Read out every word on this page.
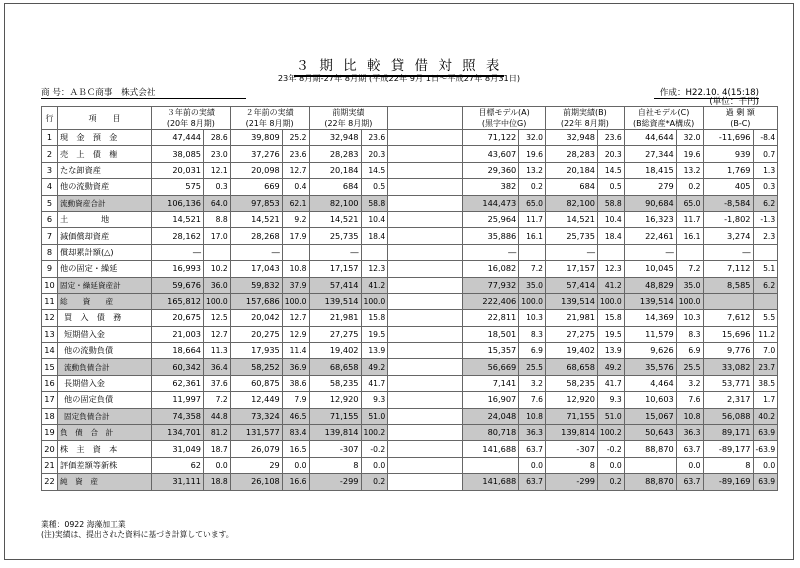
３ 期 比 較 貸 借 対 照 表
23年 8月期-27年 8月期 (平成22年 9月 1日～平成27年 8月31日)
商 号：ＡＢＣ商事　株式会社	作成：H22.10. 4(15:18)
(単位：千円)
行	項　　目	３年前の実績
(20年 8月期)		２年前の実績
(21年 8月期)		前期実績
(22年 8月期)			目標モデル(A)
(黒字中位G)		前期実績(B)
(22年 8月期)		自社モデル(C)
(B総資産*A構成)		過 剰 額
(B-C)	
1	現　金　預　金	47,444	28.6	39,809	25.2	32,948	23.6		71,122	32.0	32,948	23.6	44,644	32.0	-11,696	-8.4
2	売　上　債　権	38,085	23.0	37,276	23.6	28,283	20.3		43,607	19.6	28,283	20.3	27,344	19.6	939	0.7
3	たな卸資産	20,031	12.1	20,098	12.7	20,184	14.5		29,360	13.2	20,184	14.5	18,415	13.2	1,769	1.3
4	他の流動資産	575	0.3	669	0.4	684	0.5		382	0.2	684	0.5	279	0.2	405	0.3
5	流動資産合計	106,136	64.0	97,853	62.1	82,100	58.8		144,473	65.0	82,100	58.8	90,684	65.0	-8,584	6.2
6	土　　　　地	14,521	8.8	14,521	9.2	14,521	10.4		25,964	11.7	14,521	10.4	16,323	11.7	-1,802	-1.3
7	減価償却資産	28,162	17.0	28,268	17.9	25,735	18.4		35,886	16.1	25,735	18.4	22,461	16.1	3,274	2.3
8	償却累計額(△)	―		―		―			―		―		―		―	
9	他の固定・繰延	16,993	10.2	17,043	10.8	17,157	12.3		16,082	7.2	17,157	12.3	10,045	7.2	7,112	5.1
10	固定・繰延資産計	59,676	36.0	59,832	37.9	57,414	41.2		77,932	35.0	57,414	41.2	48,829	35.0	8,585	6.2
11	総　　資　　産	165,812	100.0	157,686	100.0	139,514	100.0		222,406	100.0	139,514	100.0	139,514	100.0		
12	買　入　債　務	20,675	12.5	20,042	12.7	21,981	15.8		22,811	10.3	21,981	15.8	14,369	10.3	7,612	5.5
13	短期借入金	21,003	12.7	20,275	12.9	27,275	19.5		18,501	8.3	27,275	19.5	11,579	8.3	15,696	11.2
14	他の流動負債	18,664	11.3	17,935	11.4	19,402	13.9		15,357	6.9	19,402	13.9	9,626	6.9	9,776	7.0
15	流動負債合計	60,342	36.4	58,252	36.9	68,658	49.2		56,669	25.5	68,658	49.2	35,576	25.5	33,082	23.7
16	長期借入金	62,361	37.6	60,875	38.6	58,235	41.7		7,141	3.2	58,235	41.7	4,464	3.2	53,771	38.5
17	他の固定負債	11,997	7.2	12,449	7.9	12,920	9.3		16,907	7.6	12,920	9.3	10,603	7.6	2,317	1.7
18	固定負債合計	74,358	44.8	73,324	46.5	71,155	51.0		24,048	10.8	71,155	51.0	15,067	10.8	56,088	40.2
19	負　債　合　計	134,701	81.2	131,577	83.4	139,814	100.2		80,718	36.3	139,814	100.2	50,643	36.3	89,171	63.9
20	株　主　資　本	31,049	18.7	26,079	16.5	-307	-0.2		141,688	63.7	-307	-0.2	88,870	63.7	-89,177	-63.9
21	評価差額等新株	62	0.0	29	0.0	8	0.0			0.0	8	0.0		0.0	8	0.0
22	純　資　産	31,111	18.8	26,108	16.6	-299	0.2		141,688	63.7	-299	0.2	88,870	63.7	-89,169	63.9
業種：0922 海藻加工業
(注)実績は、提出された資料に基づき計算しています。
